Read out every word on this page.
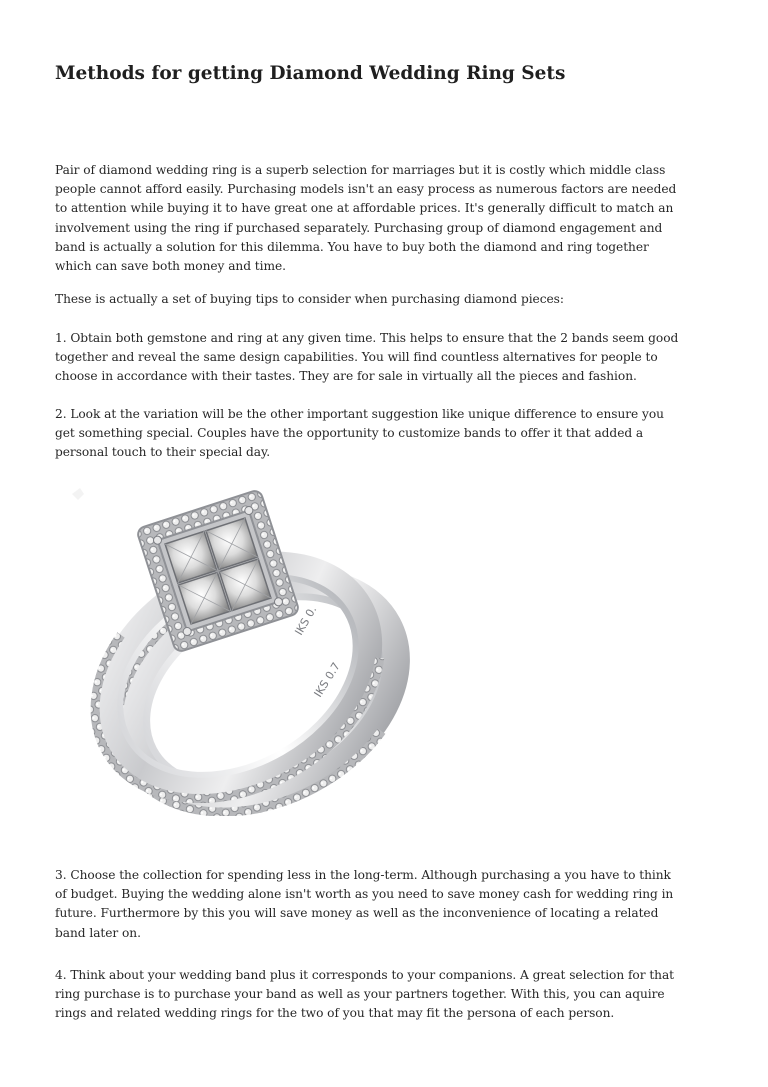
Methods for getting Diamond Wedding Ring Sets

Pair of diamond wedding ring is a superb selection for marriages but it is costly which middle class
people cannot afford easily. Purchasing models isn't an easy process as numerous factors are needed
to attention while buying it to have great one at affordable prices. It's generally difficult to match an
involvement using the ring if purchased separately. Purchasing group of diamond engagement and
band is actually a solution for this dilemma. You have to buy both the diamond and ring together
which can save both money and time.

These is actually a set of buying tips to consider when purchasing diamond pieces:

1. Obtain both gemstone and ring at any given time. This helps to ensure that the 2 bands seem good
together and reveal the same design capabilities. You will find countless alternatives for people to
choose in accordance with their tastes. They are for sale in virtually all the pieces and fashion.

2. Look at the variation will be the other important suggestion like unique difference to ensure you
get something special. Couples have the opportunity to customize bands to offer it that added a
personal touch to their special day.

IKS 0.7
IKS 0.

3. Choose the collection for spending less in the long-term. Although purchasing a you have to think
of budget. Buying the wedding alone isn't worth as you need to save money cash for wedding ring in
future. Furthermore by this you will save money as well as the inconvenience of locating a related
band later on.

4. Think about your wedding band plus it corresponds to your companions. A great selection for that
ring purchase is to purchase your band as well as your partners together. With this, you can aquire
rings and related wedding rings for the two of you that may fit the persona of each person.
